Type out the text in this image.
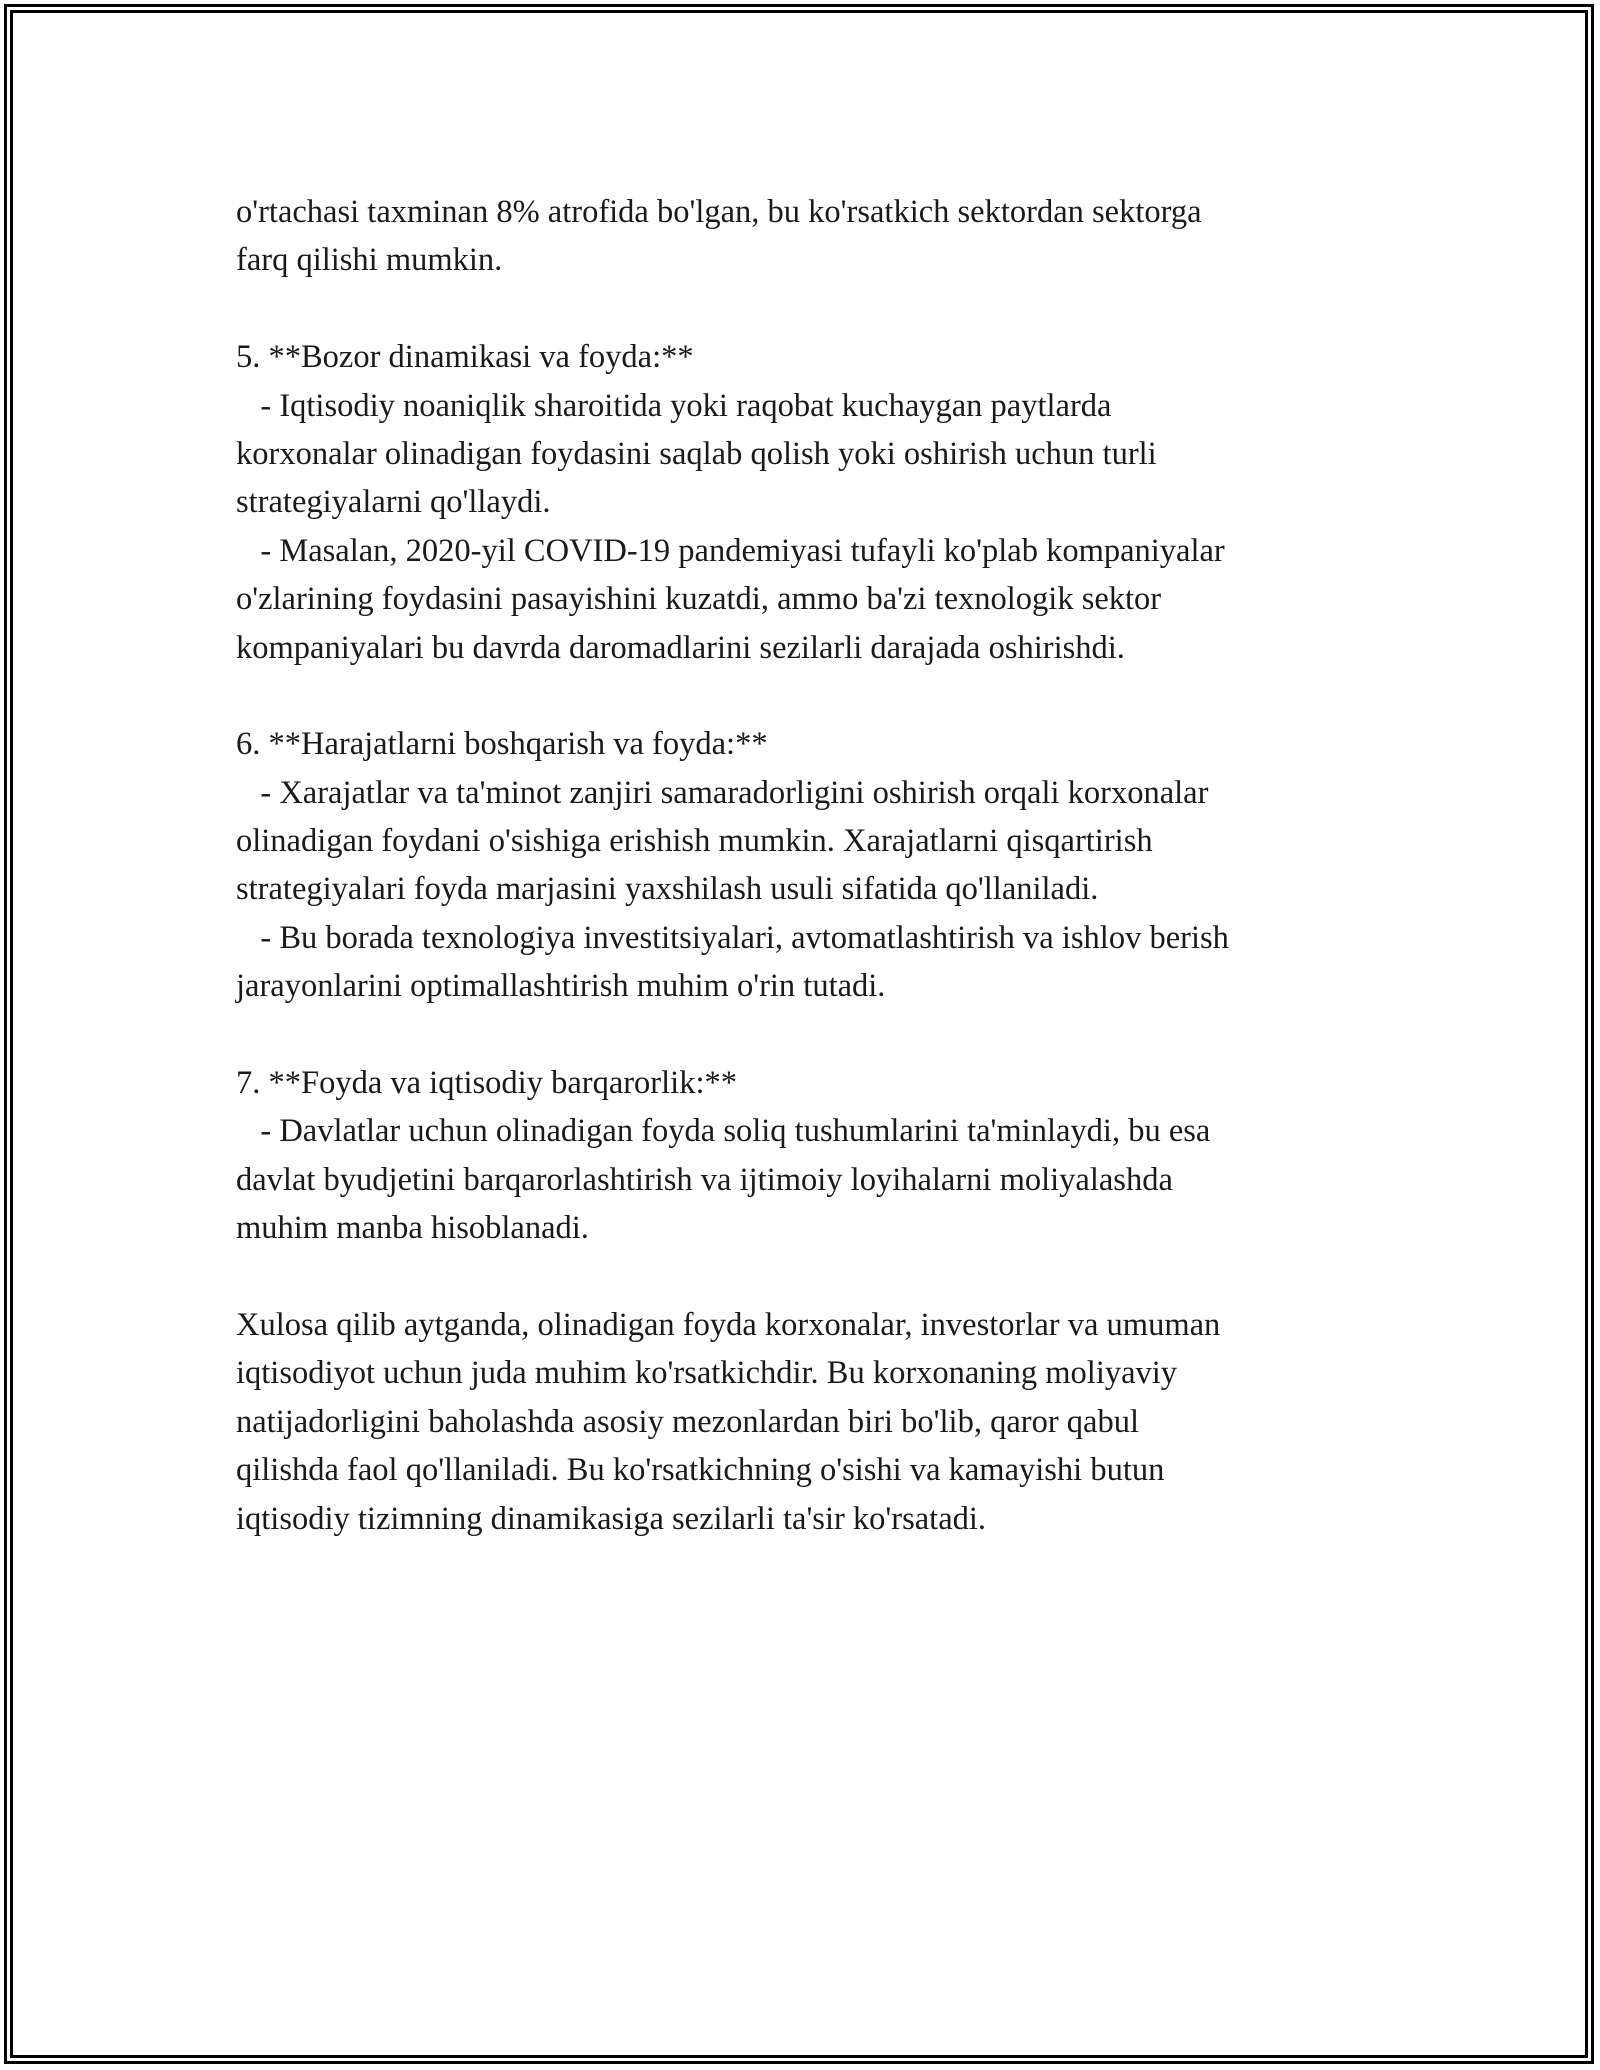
o'rtachasi taxminan 8% atrofida bo'lgan, bu ko'rsatkich sektordan sektorga
farq qilishi mumkin.
5. **Bozor dinamikasi va foyda:**
- Iqtisodiy noaniqlik sharoitida yoki raqobat kuchaygan paytlarda
korxonalar olinadigan foydasini saqlab qolish yoki oshirish uchun turli
strategiyalarni qo'llaydi.
- Masalan, 2020-yil COVID-19 pandemiyasi tufayli ko'plab kompaniyalar
o'zlarining foydasini pasayishini kuzatdi, ammo ba'zi texnologik sektor
kompaniyalari bu davrda daromadlarini sezilarli darajada oshirishdi.
6. **Harajatlarni boshqarish va foyda:**
- Xarajatlar va ta'minot zanjiri samaradorligini oshirish orqali korxonalar
olinadigan foydani o'sishiga erishish mumkin. Xarajatlarni qisqartirish
strategiyalari foyda marjasini yaxshilash usuli sifatida qo'llaniladi.
- Bu borada texnologiya investitsiyalari, avtomatlashtirish va ishlov berish
jarayonlarini optimallashtirish muhim o'rin tutadi.
7. **Foyda va iqtisodiy barqarorlik:**
- Davlatlar uchun olinadigan foyda soliq tushumlarini ta'minlaydi, bu esa
davlat byudjetini barqarorlashtirish va ijtimoiy loyihalarni moliyalashda
muhim manba hisoblanadi.
Xulosa qilib aytganda, olinadigan foyda korxonalar, investorlar va umuman
iqtisodiyot uchun juda muhim ko'rsatkichdir. Bu korxonaning moliyaviy
natijadorligini baholashda asosiy mezonlardan biri bo'lib, qaror qabul
qilishda faol qo'llaniladi. Bu ko'rsatkichning o'sishi va kamayishi butun
iqtisodiy tizimning dinamikasiga sezilarli ta'sir ko'rsatadi.
